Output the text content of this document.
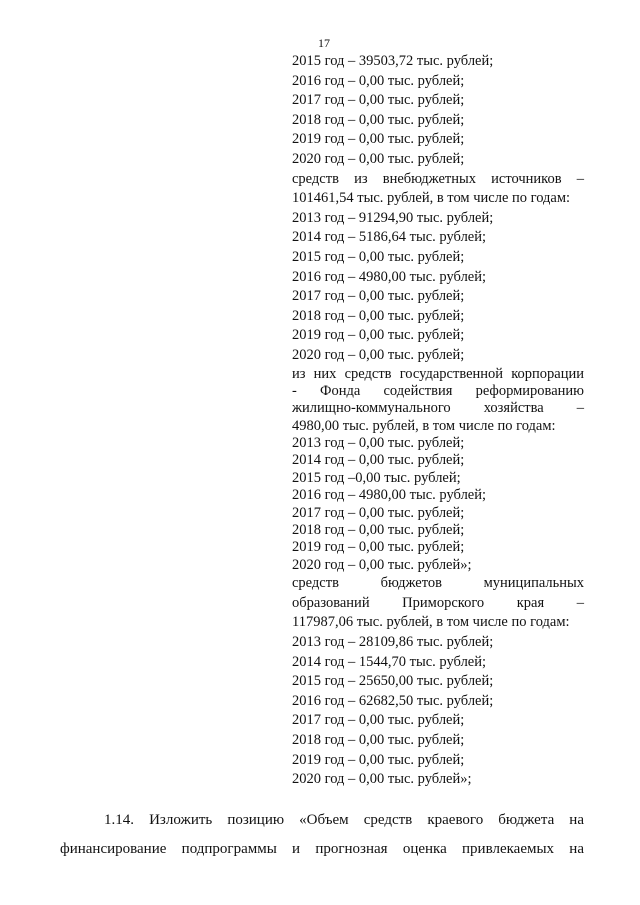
17
2015 год – 39503,72 тыс. рублей;
2016 год – 0,00 тыс. рублей;
2017 год – 0,00 тыс. рублей;
2018 год – 0,00 тыс. рублей;
2019 год – 0,00 тыс. рублей;
2020 год – 0,00 тыс. рублей;
средств из внебюджетных источников –
101461,54 тыс. рублей, в том числе по годам:
2013 год – 91294,90 тыс. рублей;
2014 год – 5186,64 тыс. рублей;
2015 год – 0,00 тыс. рублей;
2016 год – 4980,00 тыс. рублей;
2017 год – 0,00 тыс. рублей;
2018 год – 0,00 тыс. рублей;
2019 год – 0,00 тыс. рублей;
2020 год – 0,00 тыс. рублей;
из них средств государственной корпорации
- Фонда содействия реформированию
жилищно-коммунального хозяйства –
4980,00 тыс. рублей, в том числе по годам:
2013 год – 0,00 тыс. рублей;
2014 год – 0,00 тыс. рублей;
2015 год –0,00 тыс. рублей;
2016 год – 4980,00 тыс. рублей;
2017 год – 0,00 тыс. рублей;
2018 год – 0,00 тыс. рублей;
2019 год – 0,00 тыс. рублей;
2020 год – 0,00 тыс. рублей»;
средств бюджетов муниципальных
образований Приморского края –
117987,06 тыс. рублей, в том числе по годам:
2013 год – 28109,86 тыс. рублей;
2014 год – 1544,70 тыс. рублей;
2015 год – 25650,00 тыс. рублей;
2016 год – 62682,50 тыс. рублей;
2017 год – 0,00 тыс. рублей;
2018 год – 0,00 тыс. рублей;
2019 год – 0,00 тыс. рублей;
2020 год – 0,00 тыс. рублей»;
1.14. Изложить позицию «Объем средств краевого бюджета на
финансирование подпрограммы и прогнозная оценка привлекаемых на
